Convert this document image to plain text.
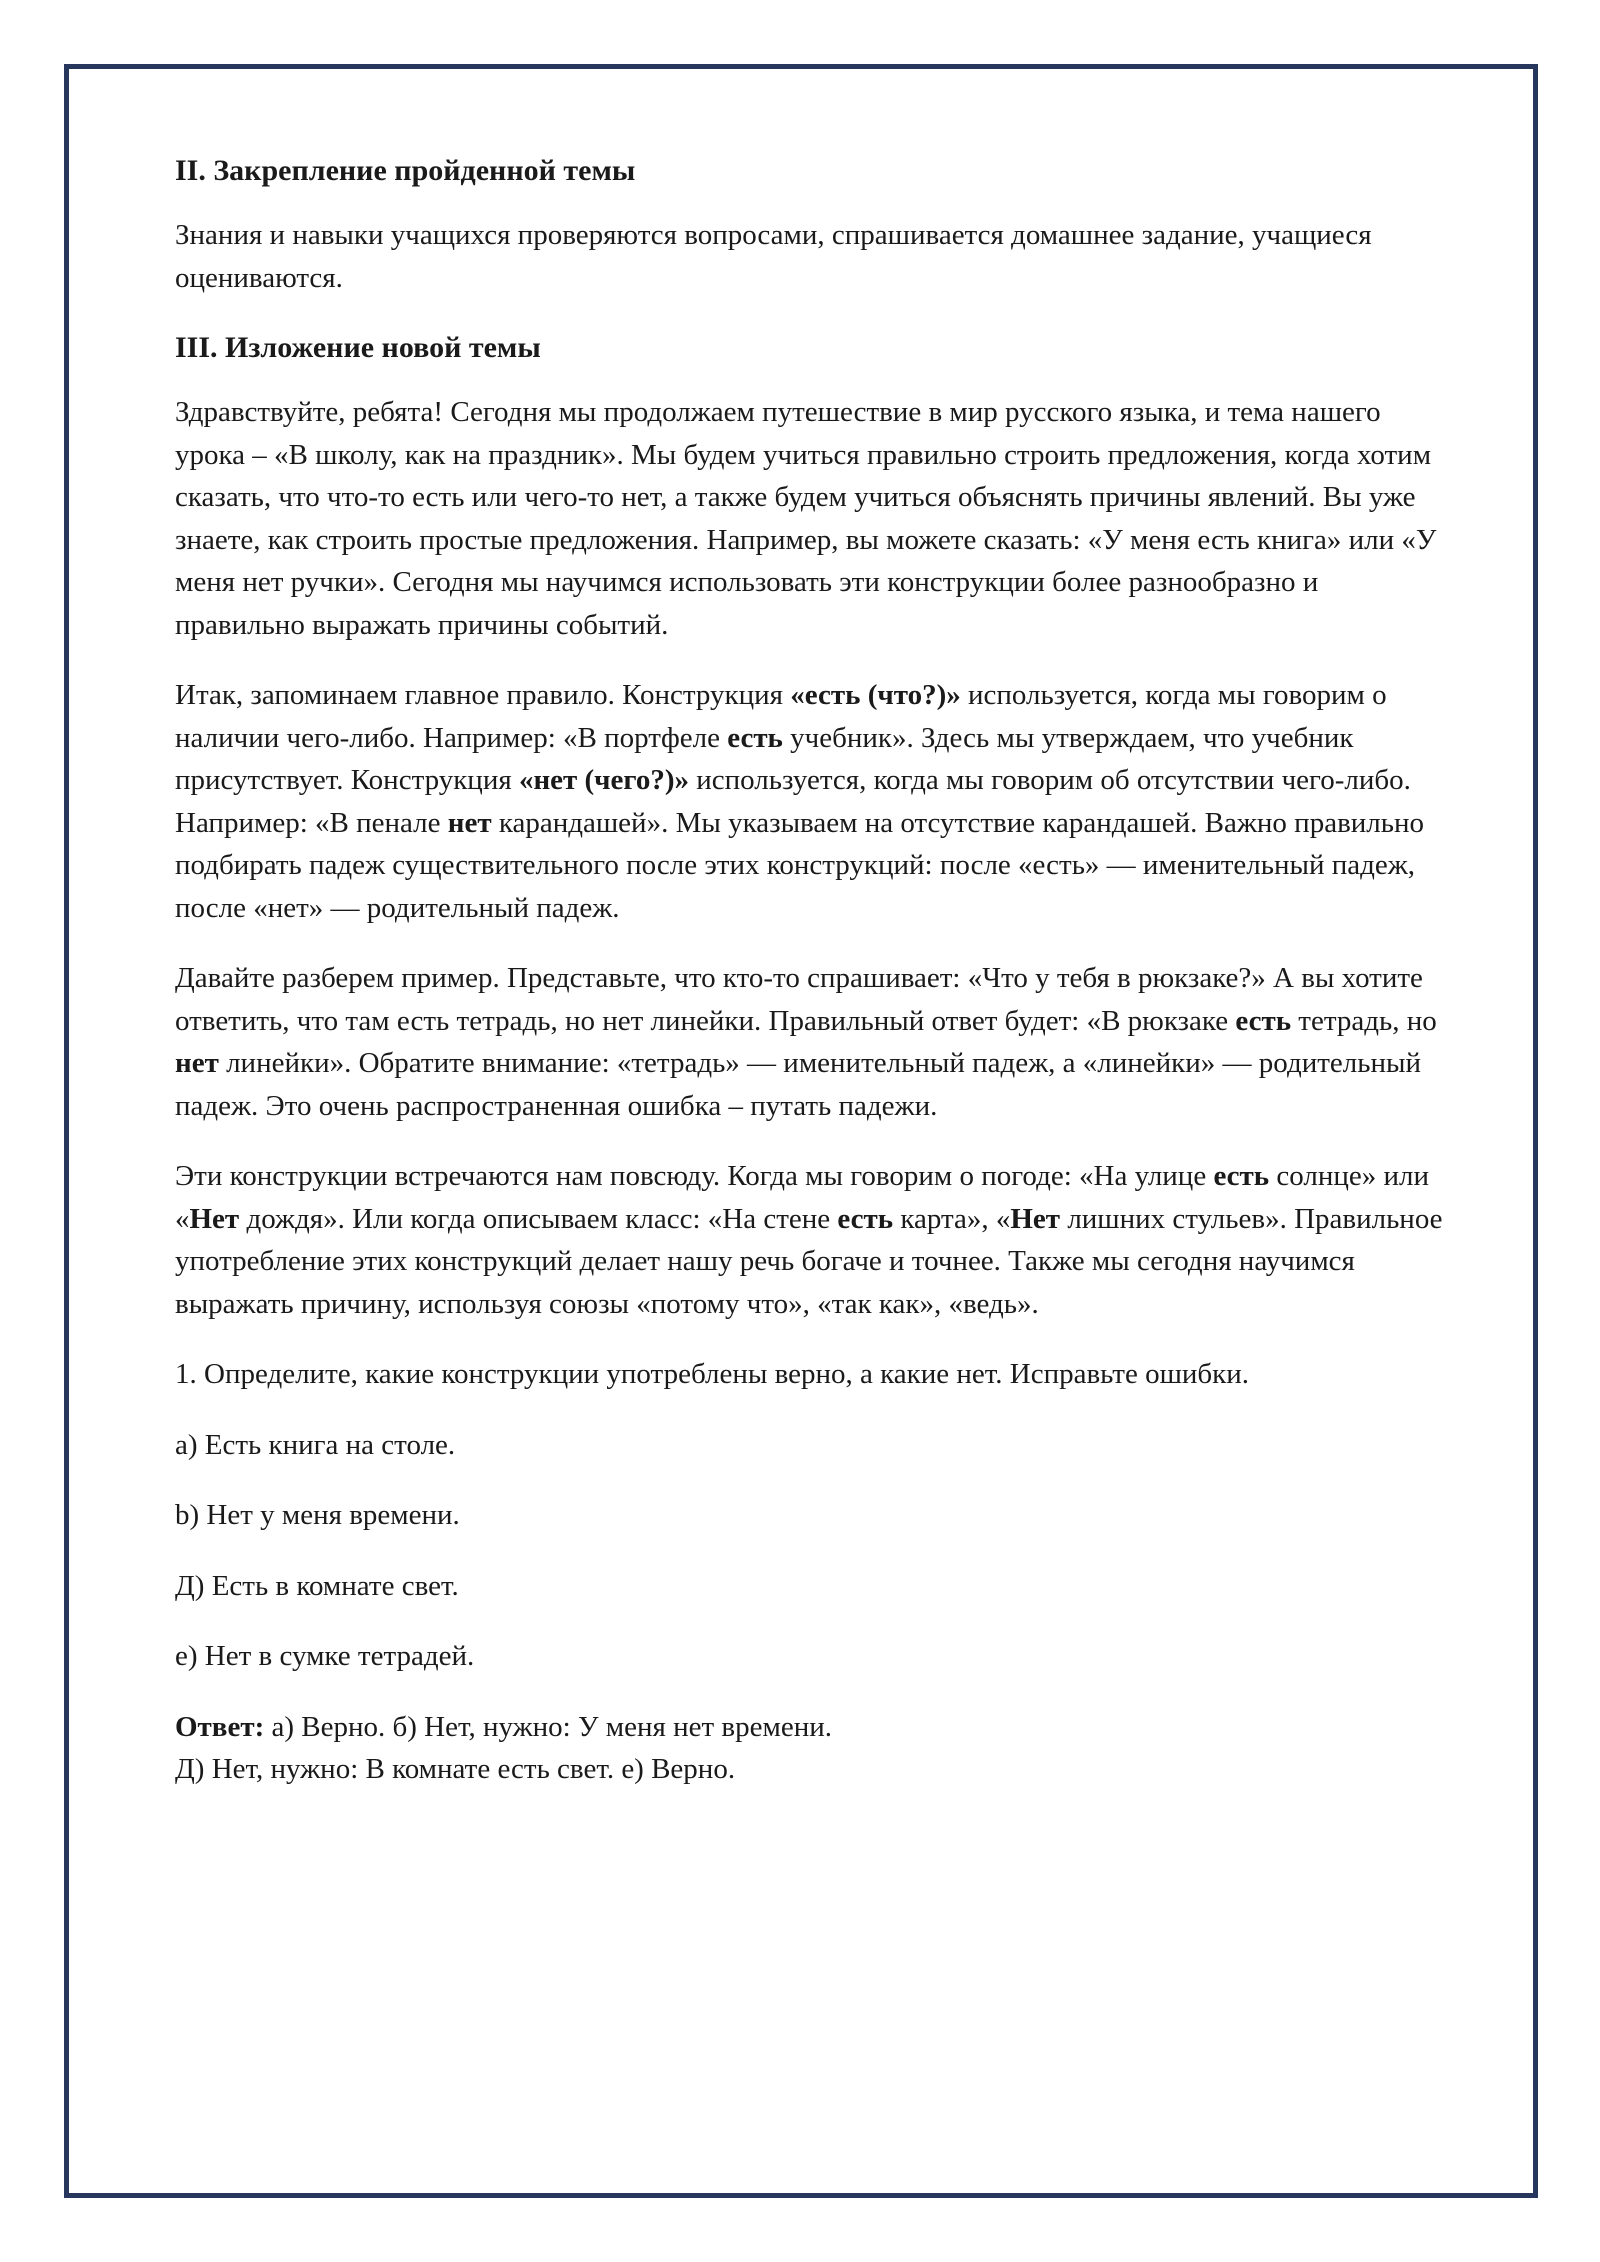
II. Закрепление пройденной темы
Знания и навыки учащихся проверяются вопросами, спрашивается домашнее задание, учащиеся оцениваются.
III. Изложение новой темы
Здравствуйте, ребята! Сегодня мы продолжаем путешествие в мир русского языка, и тема нашего урока – «В школу, как на праздник». Мы будем учиться правильно строить предложения, когда хотим сказать, что что-то есть или чего-то нет, а также будем учиться объяснять причины явлений. Вы уже знаете, как строить простые предложения. Например, вы можете сказать: «У меня есть книга» или «У меня нет ручки». Сегодня мы научимся использовать эти конструкции более разнообразно и правильно выражать причины событий.
Итак, запоминаем главное правило. Конструкция «есть (что?)» используется, когда мы говорим о наличии чего-либо. Например: «В портфеле есть учебник». Здесь мы утверждаем, что учебник присутствует. Конструкция «нет (чего?)» используется, когда мы говорим об отсутствии чего-либо. Например: «В пенале нет карандашей». Мы указываем на отсутствие карандашей. Важно правильно подбирать падеж существительного после этих конструкций: после «есть» — именительный падеж, после «нет» — родительный падеж.
Давайте разберем пример. Представьте, что кто-то спрашивает: «Что у тебя в рюкзаке?» А вы хотите ответить, что там есть тетрадь, но нет линейки. Правильный ответ будет: «В рюкзаке есть тетрадь, но нет линейки». Обратите внимание: «тетрадь» — именительный падеж, а «линейки» — родительный падеж. Это очень распространенная ошибка – путать падежи.
Эти конструкции встречаются нам повсюду. Когда мы говорим о погоде: «На улице есть солнце» или «Нет дождя». Или когда описываем класс: «На стене есть карта», «Нет лишних стульев». Правильное употребление этих конструкций делает нашу речь богаче и точнее. Также мы сегодня научимся выражать причину, используя союзы «потому что», «так как», «ведь».
1. Определите, какие конструкции употреблены верно, а какие нет. Исправьте ошибки.
а) Есть книга на столе.
b) Нет у меня времени.
Д) Есть в комнате свет.
е) Нет в сумке тетрадей.
Ответ: а) Верно. б) Нет, нужно: У меня нет времени.
Д) Нет, нужно: В комнате есть свет. е) Верно.
